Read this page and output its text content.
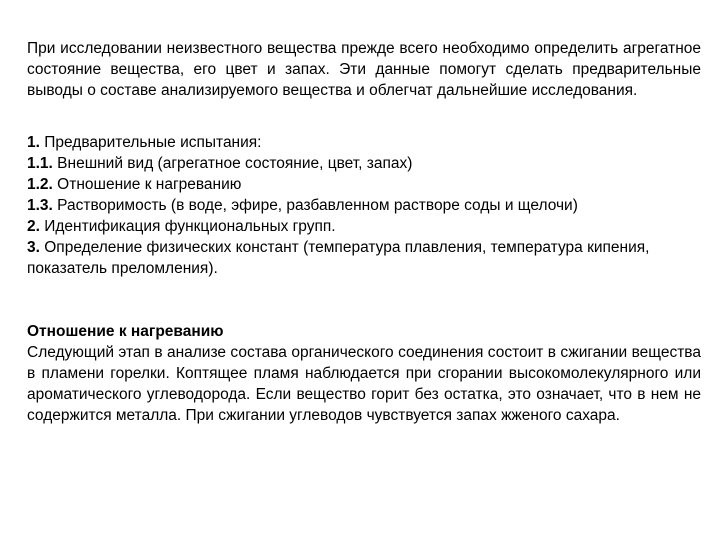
При исследовании неизвестного вещества прежде всего необходимо определить агрегатное состояние вещества, его цвет и запах. Эти данные помогут сделать предварительные выводы о составе анализируемого вещества и облегчат дальнейшие исследования.

1. Предварительные испытания:
1.1. Внешний вид (агрегатное состояние, цвет, запах)
1.2. Отношение к нагреванию
1.3. Растворимость (в воде, эфире, разбавленном растворе соды и щелочи)
2. Идентификация функциональных групп.
3. Определение физических констант (температура плавления, температура кипения, показатель преломления).

Отношение к нагреванию

Следующий этап в анализе состава органического соединения состоит в сжигании вещества в пламени горелки. Коптящее пламя наблюдается при сгорании высокомолекулярного или ароматического углеводорода. Если вещество горит без остатка, это означает, что в нем не содержится металла. При сжигании углеводов чувствуется запах жженого сахара.
